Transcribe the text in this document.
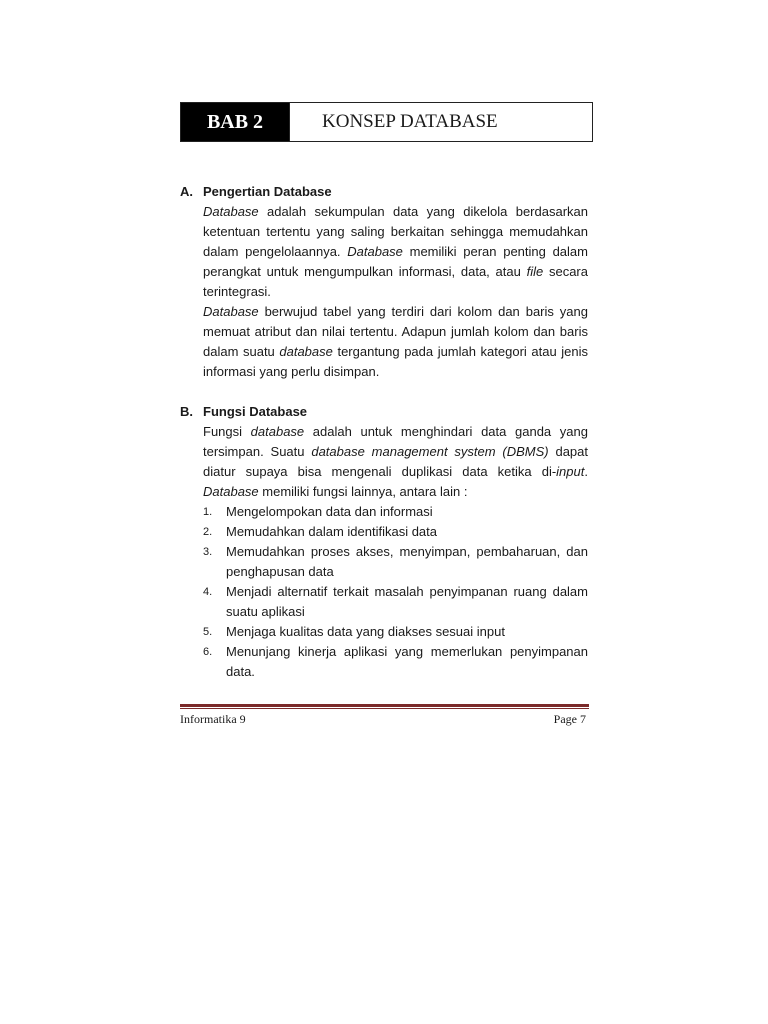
BAB 2	KONSEP DATABASE
A. Pengertian Database
Database adalah sekumpulan data yang dikelola berdasarkan ketentuan tertentu yang saling berkaitan sehingga memudahkan dalam pengelolaannya. Database memiliki peran penting dalam perangkat untuk mengumpulkan informasi, data, atau file secara terintegrasi.
Database berwujud tabel yang terdiri dari kolom dan baris yang memuat atribut dan nilai tertentu. Adapun jumlah kolom dan baris dalam suatu database tergantung pada jumlah kategori atau jenis informasi yang perlu disimpan.
B. Fungsi Database
Fungsi database adalah untuk menghindari data ganda yang tersimpan. Suatu database management system (DBMS) dapat diatur supaya bisa mengenali duplikasi data ketika di-input. Database memiliki fungsi lainnya, antara lain :
1.	Mengelompokan data dan informasi
2.	Memudahkan dalam identifikasi data
3.	Memudahkan proses akses, menyimpan, pembaharuan, dan penghapusan data
4.	Menjadi alternatif terkait masalah penyimpanan ruang dalam suatu aplikasi
5.	Menjaga kualitas data yang diakses sesuai input
6.	Menunjang kinerja aplikasi yang memerlukan penyimpanan data.
Informatika 9	Page 7
